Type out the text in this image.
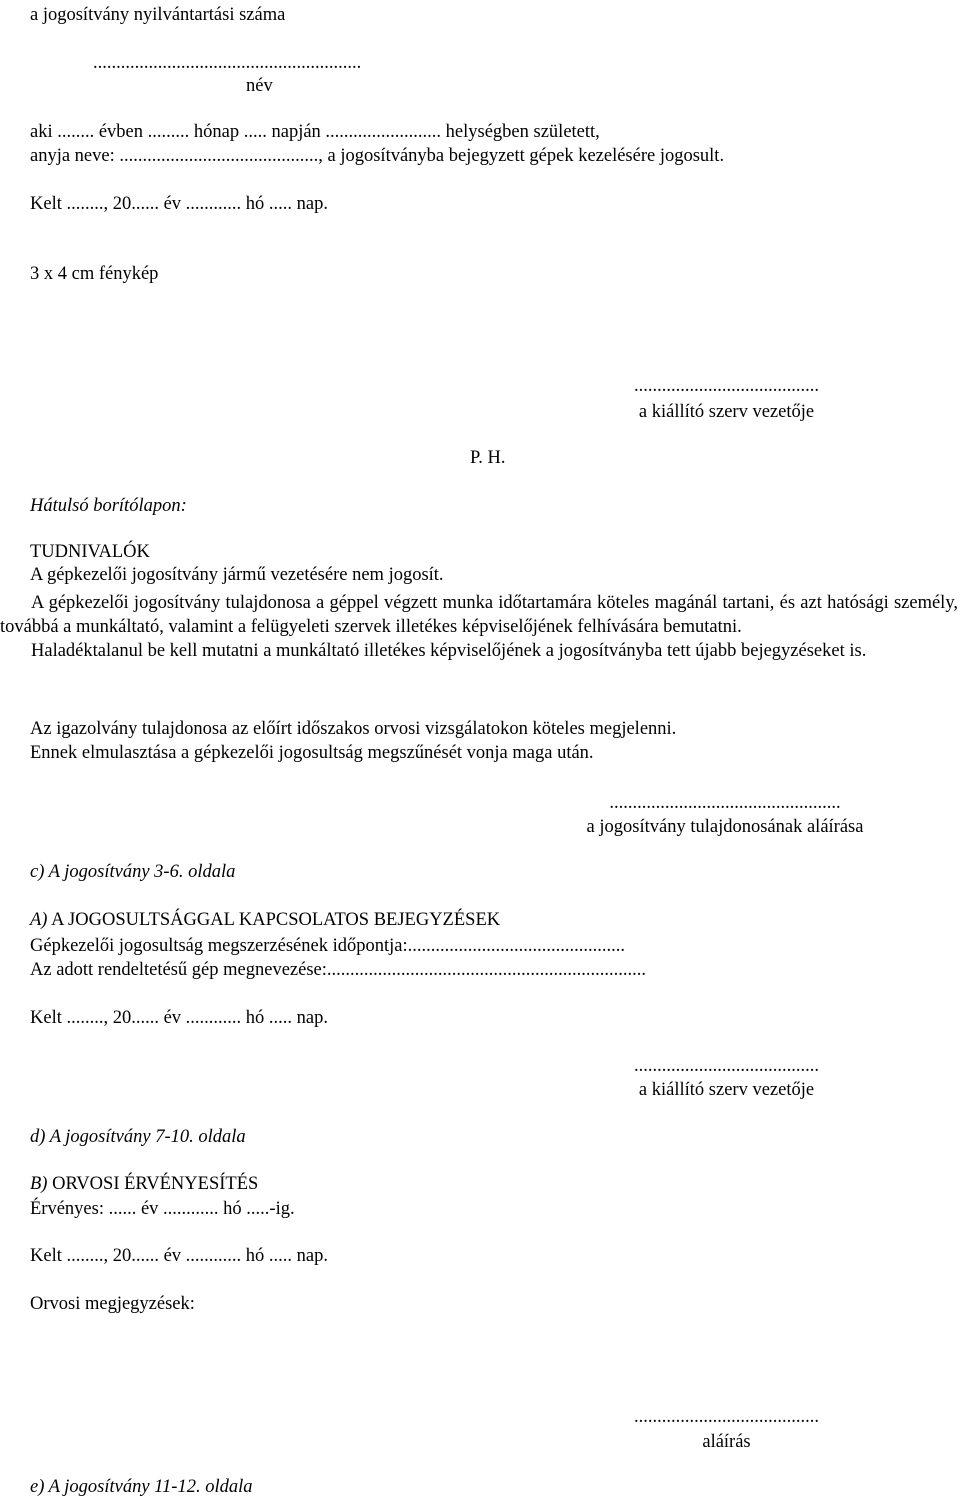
a jogosítvány nyilvántartási száma
..........................................................
név
aki ........ évben ......... hónap ..... napján ......................... helységben született,
anyja neve: ..........................................., a jogosítványba bejegyzett gépek kezelésére jogosult.
Kelt ........, 20...... év ............ hó ..... nap.
3 x 4 cm fénykép
........................................
a kiállító szerv vezetője
P. H.
Hátulsó borítólapon:
TUDNIVALÓK
A gépkezelői jogosítvány jármű vezetésére nem jogosít.

A gépkezelői jogosítvány tulajdonosa a géppel végzett munka időtartamára köteles magánál tartani, és azt hatósági személy, továbbá a munkáltató, valamint a felügyeleti szervek illetékes képviselőjének felhívására bemutatni.

Haladéktalanul be kell mutatni a munkáltató illetékes képviselőjének a jogosítványba tett újabb bejegyzéseket is.

Az igazolvány tulajdonosa az előírt időszakos orvosi vizsgálatokon köteles megjelenni.
Ennek elmulasztása a gépkezelői jogosultság megszűnését vonja maga után.
..................................................
a jogosítvány tulajdonosának aláírása
c) A jogosítvány 3-6. oldala
A) A JOGOSULTSÁGGAL KAPCSOLATOS BEJEGYZÉSEK
Gépkezelői jogosultság megszerzésének időpontja:...............................................
Az adott rendeltetésű gép megnevezése:.....................................................................
Kelt ........, 20...... év ............ hó ..... nap.
........................................
a kiállító szerv vezetője
d) A jogosítvány 7-10. oldala
B) ORVOSI ÉRVÉNYESÍTÉS
Érvényes: ...... év ............ hó .....-ig.
Kelt ........, 20...... év ............ hó ..... nap.
Orvosi megjegyzések:
........................................
aláírás
e) A jogosítvány 11-12. oldala
